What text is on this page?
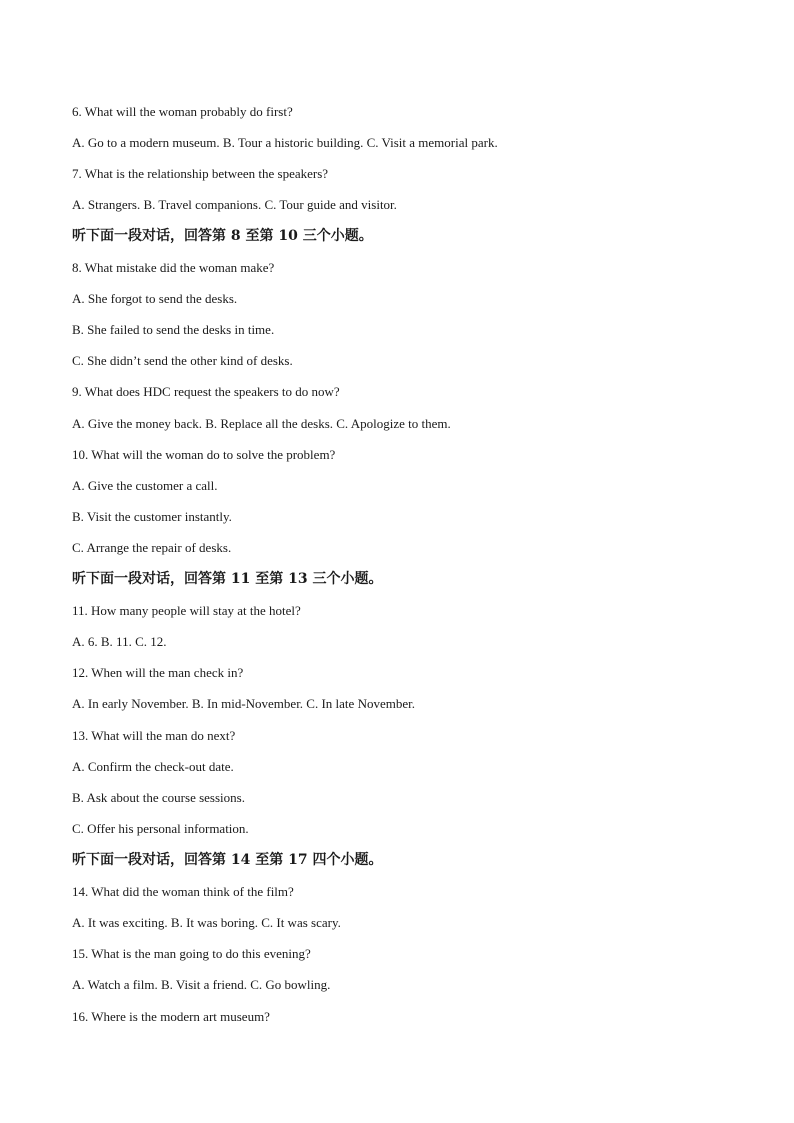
6. What will the woman probably do first?
A. Go to a modern museum. B. Tour a historic building. C. Visit a memorial park.
7. What is the relationship between the speakers?
A. Strangers. B. Travel companions. C. Tour guide and visitor.
听下面一段对话，回答第 8 至第 10 三个小题。
8. What mistake did the woman make?
A. She forgot to send the desks.
B. She failed to send the desks in time.
C. She didn’t send the other kind of desks.
9. What does HDC request the speakers to do now?
A. Give the money back. B. Replace all the desks. C. Apologize to them.
10. What will the woman do to solve the problem?
A. Give the customer a call.
B. Visit the customer instantly.
C. Arrange the repair of desks.
听下面一段对话，回答第 11 至第 13 三个小题。
11. How many people will stay at the hotel?
A. 6. B. 11. C. 12.
12. When will the man check in?
A. In early November. B. In mid-November. C. In late November.
13. What will the man do next?
A. Confirm the check-out date.
B. Ask about the course sessions.
C. Offer his personal information.
听下面一段对话，回答第 14 至第 17 四个小题。
14. What did the woman think of the film?
A. It was exciting. B. It was boring. C. It was scary.
15. What is the man going to do this evening?
A. Watch a film. B. Visit a friend. C. Go bowling.
16. Where is the modern art museum?
